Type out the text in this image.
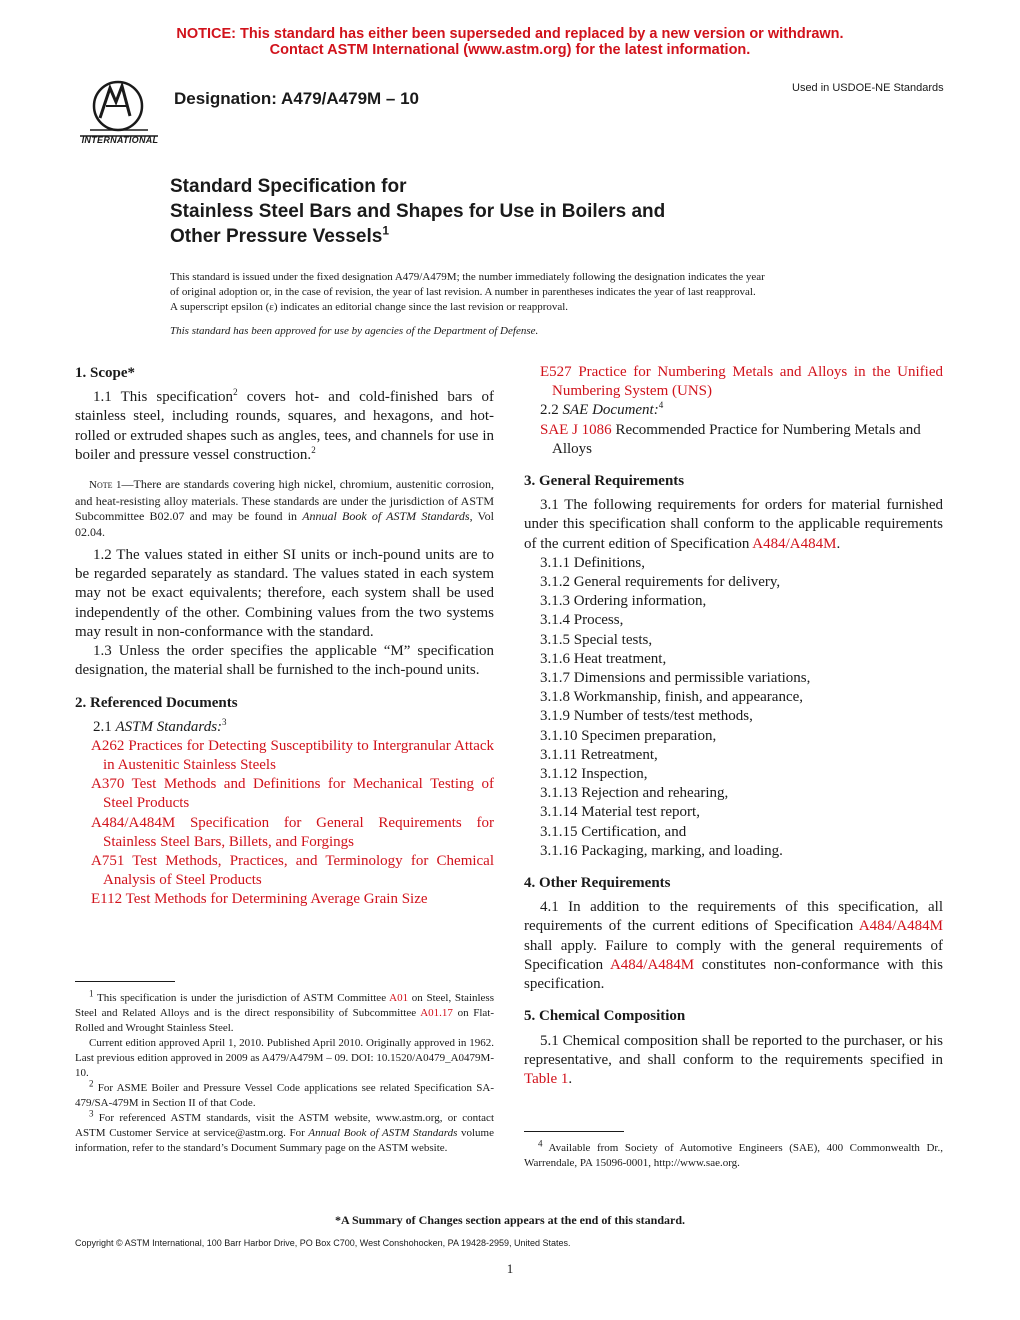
NOTICE: This standard has either been superseded and replaced by a new version or withdrawn.
Contact ASTM International (www.astm.org) for the latest information.
INTERNATIONAL
Designation: A479/A479M – 10
Used in USDOE-NE Standards
Standard Specification for
Stainless Steel Bars and Shapes for Use in Boilers and
Other Pressure Vessels$^1$
This standard is issued under the fixed designation A479/A479M; the number immediately following the designation indicates the year
of original adoption or, in the case of revision, the year of last revision. A number in parentheses indicates the year of last reapproval.
A superscript epsilon (ε) indicates an editorial change since the last revision or reapproval.
This standard has been approved for use by agencies of the Department of Defense.

1. Scope*

1.1 This specification$^2$ covers hot- and cold-finished bars of stainless steel, including rounds, squares, and hexagons, and hot-rolled or extruded shapes such as angles, tees, and channels for use in boiler and pressure vessel construction.$^2$

Note 1—There are standards covering high nickel, chromium, austenitic corrosion, and heat-resisting alloy materials. These standards are under the jurisdiction of ASTM Subcommittee B02.07 and may be found in Annual Book of ASTM Standards, Vol 02.04.

1.2 The values stated in either SI units or inch-pound units are to be regarded separately as standard. The values stated in each system may not be exact equivalents; therefore, each system shall be used independently of the other. Combining values from the two systems may result in non-conformance with the standard.

1.3 Unless the order specifies the applicable “M” specification designation, the material shall be furnished to the inch-pound units.

2. Referenced Documents

2.1 ASTM Standards:$^3$

A262 Practices for Detecting Susceptibility to Intergranular Attack in Austenitic Stainless Steels

A370 Test Methods and Definitions for Mechanical Testing of Steel Products

A484/A484M Specification for General Requirements for Stainless Steel Bars, Billets, and Forgings

A751 Test Methods, Practices, and Terminology for Chemical Analysis of Steel Products

E112 Test Methods for Determining Average Grain Size

$^1$ This specification is under the jurisdiction of ASTM Committee A01 on Steel, Stainless Steel and Related Alloys and is the direct responsibility of Subcommittee A01.17 on Flat-Rolled and Wrought Stainless Steel.
Current edition approved April 1, 2010. Published April 2010. Originally approved in 1962. Last previous edition approved in 2009 as A479/A479M – 09. DOI: 10.1520/A0479_A0479M-10.
$^2$ For ASME Boiler and Pressure Vessel Code applications see related Specification SA-479/SA-479M in Section II of that Code.
$^3$ For referenced ASTM standards, visit the ASTM website, www.astm.org, or contact ASTM Customer Service at service@astm.org. For Annual Book of ASTM Standards volume information, refer to the standard’s Document Summary page on the ASTM website.

E527 Practice for Numbering Metals and Alloys in the Unified Numbering System (UNS)

2.2 SAE Document:$^4$

SAE J 1086 Recommended Practice for Numbering Metals and Alloys

3. General Requirements

3.1 The following requirements for orders for material furnished under this specification shall conform to the applicable requirements of the current edition of Specification A484/A484M.

3.1.1 Definitions,

3.1.2 General requirements for delivery,

3.1.3 Ordering information,

3.1.4 Process,

3.1.5 Special tests,

3.1.6 Heat treatment,

3.1.7 Dimensions and permissible variations,

3.1.8 Workmanship, finish, and appearance,

3.1.9 Number of tests/test methods,

3.1.10 Specimen preparation,

3.1.11 Retreatment,

3.1.12 Inspection,

3.1.13 Rejection and rehearing,

3.1.14 Material test report,

3.1.15 Certification, and

3.1.16 Packaging, marking, and loading.

4. Other Requirements

4.1 In addition to the requirements of this specification, all requirements of the current editions of Specification A484/A484M shall apply. Failure to comply with the general requirements of Specification A484/A484M constitutes non-conformance with this specification.

5. Chemical Composition

5.1 Chemical composition shall be reported to the purchaser, or his representative, and shall conform to the requirements specified in Table 1.

$^4$ Available from Society of Automotive Engineers (SAE), 400 Commonwealth Dr., Warrendale, PA 15096-0001, http://www.sae.org.
*A Summary of Changes section appears at the end of this standard.
Copyright © ASTM International, 100 Barr Harbor Drive, PO Box C700, West Conshohocken, PA 19428-2959, United States.
1
